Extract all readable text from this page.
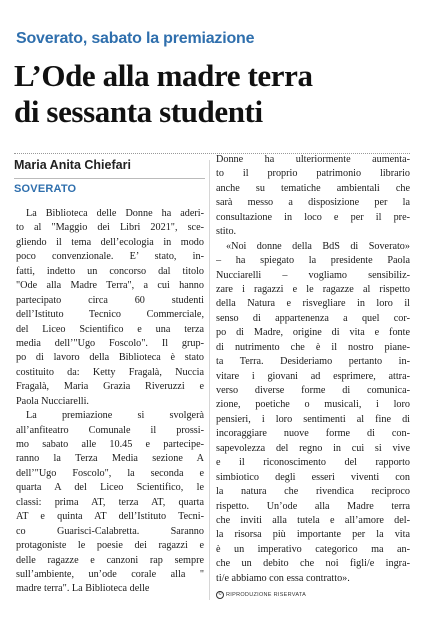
Soverato, sabato la premiazione
L’Ode alla madre terra
di sessanta studenti
Maria Anita Chiefari
SOVERATO
La Biblioteca delle Donne ha aderi-
to al "Maggio dei Libri 2021", sce-
gliendo il tema dell’ecologia in modo
poco convenzionale. E’ stato, in-
fatti, indetto un concorso dal titolo
"Ode alla Madre Terra", a cui hanno
partecipato circa 60 studenti
dell’Istituto Tecnico Commerciale,
del Liceo Scientifico e una terza
media dell’"Ugo Foscolo". Il grup-
po di lavoro della Biblioteca è stato
costituito da: Ketty Fragalà, Nuccia
Fragalà, Maria Grazia Riveruzzi e
Paola Nucciarelli.
La premiazione si svolgerà
all’anfiteatro Comunale il prossi-
mo sabato alle 10.45 e partecipe-
ranno la Terza Media sezione A
dell’"Ugo Foscolo", la seconda e
quarta A del Liceo Scientifico, le
classi: prima AT, terza AT, quarta
AT e quinta AT dell’Istituto Tecni-
co Guarisci-Calabretta. Saranno
protagoniste le poesie dei ragazzi e
delle ragazze e canzoni rap sempre
sull’ambiente, un’ode corale alla "
madre terra". La Biblioteca delle
Donne ha ulteriormente aumenta-
to il proprio patrimonio librario
anche su tematiche ambientali che
sarà messo a disposizione per la
consultazione in loco e per il pre-
stito.
«Noi donne della BdS di Soverato»
– ha spiegato la presidente Paola
Nucciarelli – vogliamo sensibiliz-
zare i ragazzi e le ragazze al rispetto
della Natura e risvegliare in loro il
senso di appartenenza a quel cor-
po di Madre, origine di vita e fonte
di nutrimento che è il nostro piane-
ta Terra. Desideriamo pertanto in-
vitare i giovani ad esprimere, attra-
verso diverse forme di comunica-
zione, poetiche o musicali, i loro
pensieri, i loro sentimenti al fine di
incoraggiare nuove forme di con-
sapevolezza del regno in cui si vive
e il riconoscimento del rapporto
simbiotico degli esseri viventi con
la natura che rivendica reciproco
rispetto. Un’ode alla Madre terra
che inviti alla tutela e all’amore del-
la risorsa più importante per la vita
è un imperativo categorico ma an-
che un debito che noi figli/e ingra-
ti/e abbiamo con essa contratto».
© RIPRODUZIONE RISERVATA
